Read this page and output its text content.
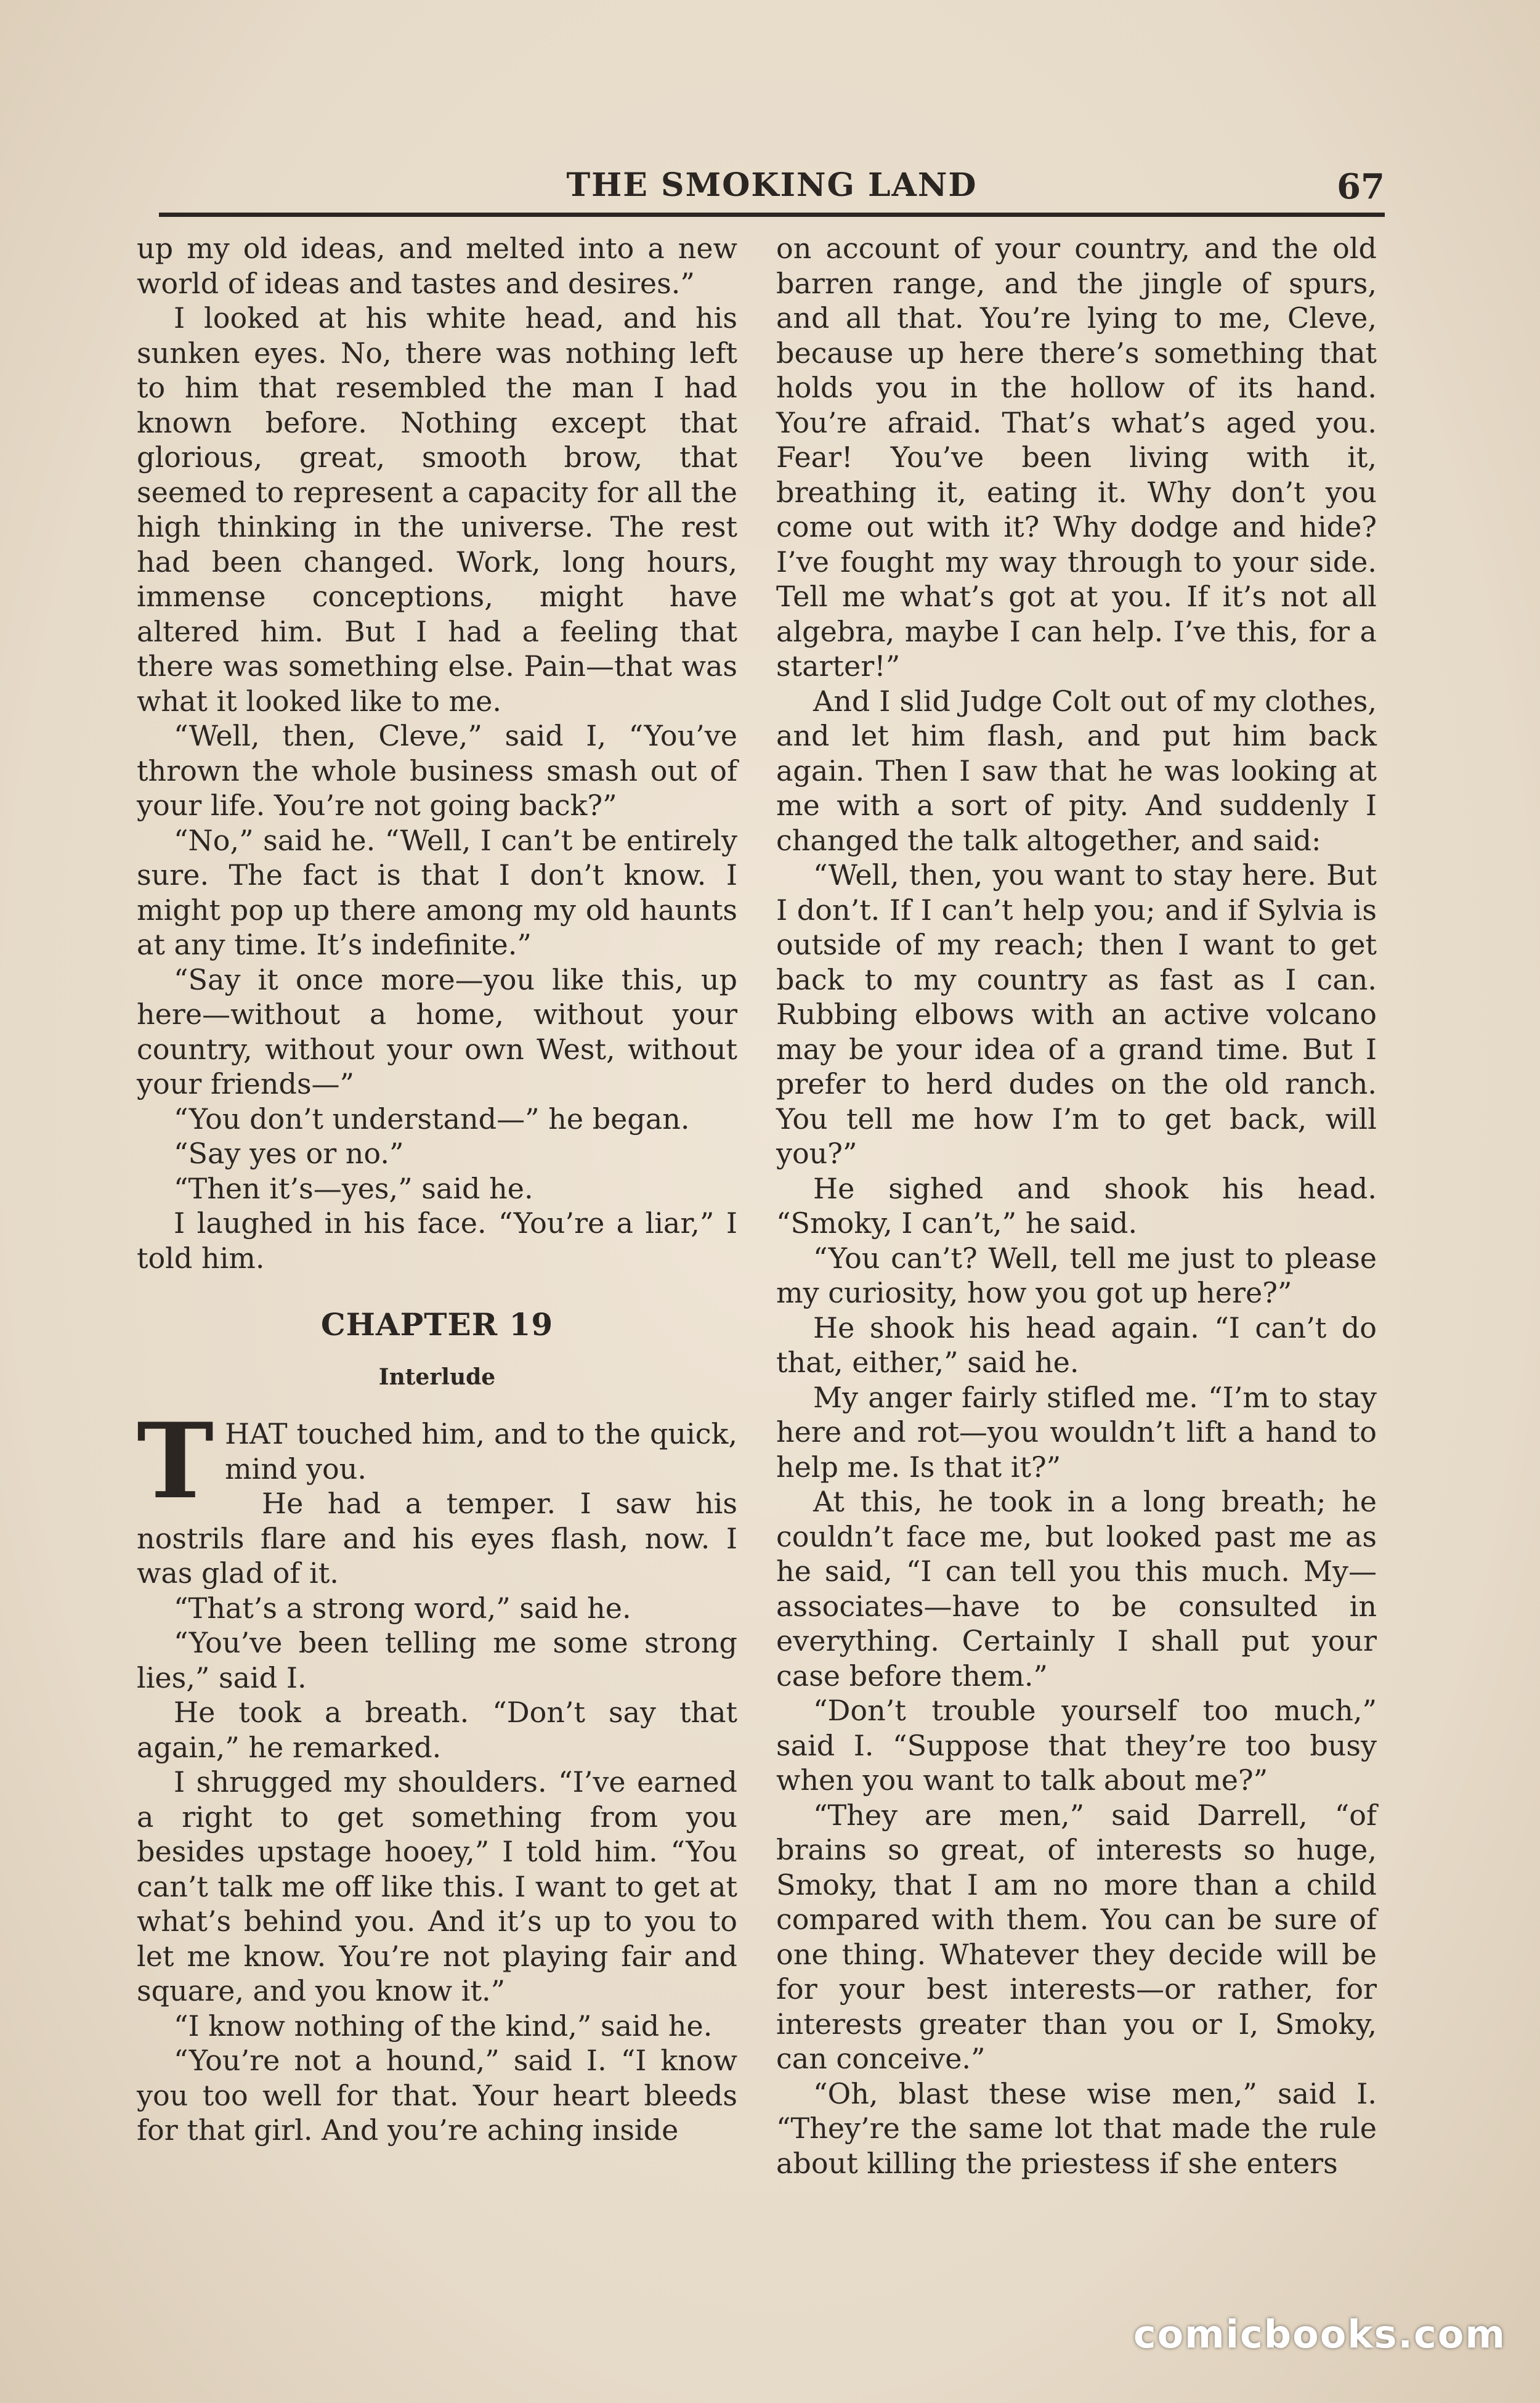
THE SMOKING LAND	67

up my old ideas, and melted into a new world of ideas and tastes and desires.”

I looked at his white head, and his sunken eyes. No, there was nothing left to him that resembled the man I had known before. Nothing except that glorious, great, smooth brow, that seemed to represent a capacity for all the high thinking in the universe. The rest had been changed. Work, long hours, immense conceptions, might have altered him. But I had a feeling that there was something else. Pain—that was what it looked like to me.

“Well, then, Cleve,” said I, “You’ve thrown the whole business smash out of your life. You’re not going back?”

“No,” said he. “Well, I can’t be entirely sure. The fact is that I don’t know. I might pop up there among my old haunts at any time. It’s indefinite.”

“Say it once more—you like this, up here—without a home, without your country, without your own West, without your friends—”

“You don’t understand—” he began.

“Say yes or no.”

“Then it’s—yes,” said he.

I laughed in his face. “You’re a liar,” I told him.

CHAPTER 19
Interlude

THAT touched him, and to the quick, mind you.

He had a temper. I saw his nostrils flare and his eyes flash, now. I was glad of it.

“That’s a strong word,” said he.

“You’ve been telling me some strong lies,” said I.

He took a breath. “Don’t say that again,” he remarked.

I shrugged my shoulders. “I’ve earned a right to get something from you besides upstage hooey,” I told him. “You can’t talk me off like this. I want to get at what’s behind you. And it’s up to you to let me know. You’re not playing fair and square, and you know it.”

“I know nothing of the kind,” said he.

“You’re not a hound,” said I. “I know you too well for that. Your heart bleeds for that girl. And you’re aching inside

on account of your country, and the old barren range, and the jingle of spurs, and all that. You’re lying to me, Cleve, because up here there’s something that holds you in the hollow of its hand. You’re afraid. That’s what’s aged you. Fear! You’ve been living with it, breathing it, eating it. Why don’t you come out with it? Why dodge and hide? I’ve fought my way through to your side. Tell me what’s got at you. If it’s not all algebra, maybe I can help. I’ve this, for a starter!”

And I slid Judge Colt out of my clothes, and let him flash, and put him back again. Then I saw that he was looking at me with a sort of pity. And suddenly I changed the talk altogether, and said:

“Well, then, you want to stay here. But I don’t. If I can’t help you; and if Sylvia is outside of my reach; then I want to get back to my country as fast as I can. Rubbing elbows with an active volcano may be your idea of a grand time. But I prefer to herd dudes on the old ranch. You tell me how I’m to get back, will you?”

He sighed and shook his head. “Smoky, I can’t,” he said.

“You can’t? Well, tell me just to please my curiosity, how you got up here?”

He shook his head again. “I can’t do that, either,” said he.

My anger fairly stifled me. “I’m to stay here and rot—you wouldn’t lift a hand to help me. Is that it?”

At this, he took in a long breath; he couldn’t face me, but looked past me as he said, “I can tell you this much. My—associates—have to be consulted in everything. Certainly I shall put your case before them.”

“Don’t trouble yourself too much,” said I. “Suppose that they’re too busy when you want to talk about me?”

“They are men,” said Darrell, “of brains so great, of interests so huge, Smoky, that I am no more than a child compared with them. You can be sure of one thing. Whatever they decide will be for your best interests—or rather, for interests greater than you or I, Smoky, can conceive.”

“Oh, blast these wise men,” said I. “They’re the same lot that made the rule about killing the priestess if she enters

comicbooks.com
